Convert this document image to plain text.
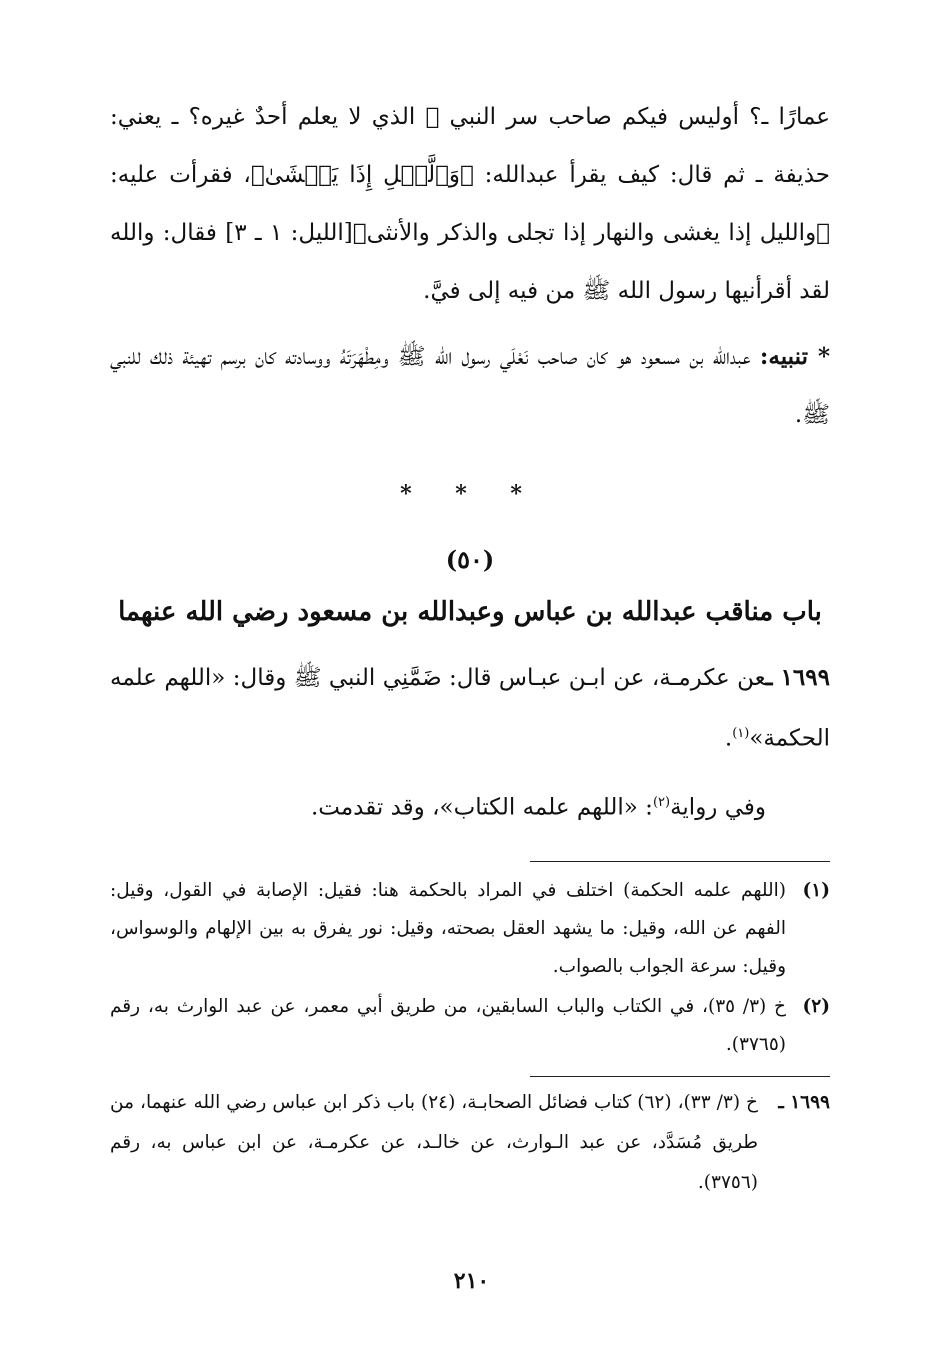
عمارًا ـ؟ أوليس فيكم صاحب سر النبي ﷺ الذي لا يعلم أحدٌ غيره؟ ـ يعني: حذيفة ـ ثم قال: كيف يقرأ عبدالله: ﴿وَٱلَّيۡلِ إِذَا يَغۡشَىٰ﴾، فقرأت عليه: ﴿والليل إذا يغشى والنهار إذا تجلى والذكر والأنثى﴾[الليل: ١ ـ ٣] فقال: والله لقد أقرأنيها رسول الله ﷺ من فيه إلى فيَّ.

* تنبيه: عبدالله بن مسعود هو كان صاحب نَعْلَي رسول الله ﷺ ومِطْهَرَتَهُ ووسادته كان برسم تهيئة ذلك للنبي ﷺ.

* * *
(٥٠)
باب مناقب عبدالله بن عباس وعبدالله بن مسعود رضي الله عنهما

١٦٩٩ ـعن عكرمـة، عن ابـن عبـاس قال: ضَمَّنِي النبي ﷺ وقال: «اللهم علمه الحكمة»$^{(١)}$.

وفي رواية$^{(٢)}$: «اللهم علمه الكتاب»، وقد تقدمت.

(١)
(اللهم علمه الحكمة) اختلف في المراد بالحكمة هنا: فقيل: الإصابة في القول، وقيل: الفهم عن الله، وقيل: ما يشهد العقل بصحته، وقيل: نور يفرق به بين الإلهام والوسواس، وقيل: سرعة الجواب بالصواب.
(٢)
خ (٣/ ٣٥)، في الكتاب والباب السابقين، من طريق أبي معمر، عن عبد الوارث به، رقم (٣٧٦٥).
١٦٩٩ ـ
خ (٣/ ٣٣)، (٦٢) كتاب فضائل الصحابـة، (٢٤) باب ذكر ابن عباس رضي الله عنهما، من طريق مُسَدَّد، عن عبد الـوارث، عن خالـد، عن عكرمـة، عن ابن عباس به، رقم (٣٧٥٦).
٢١٠
